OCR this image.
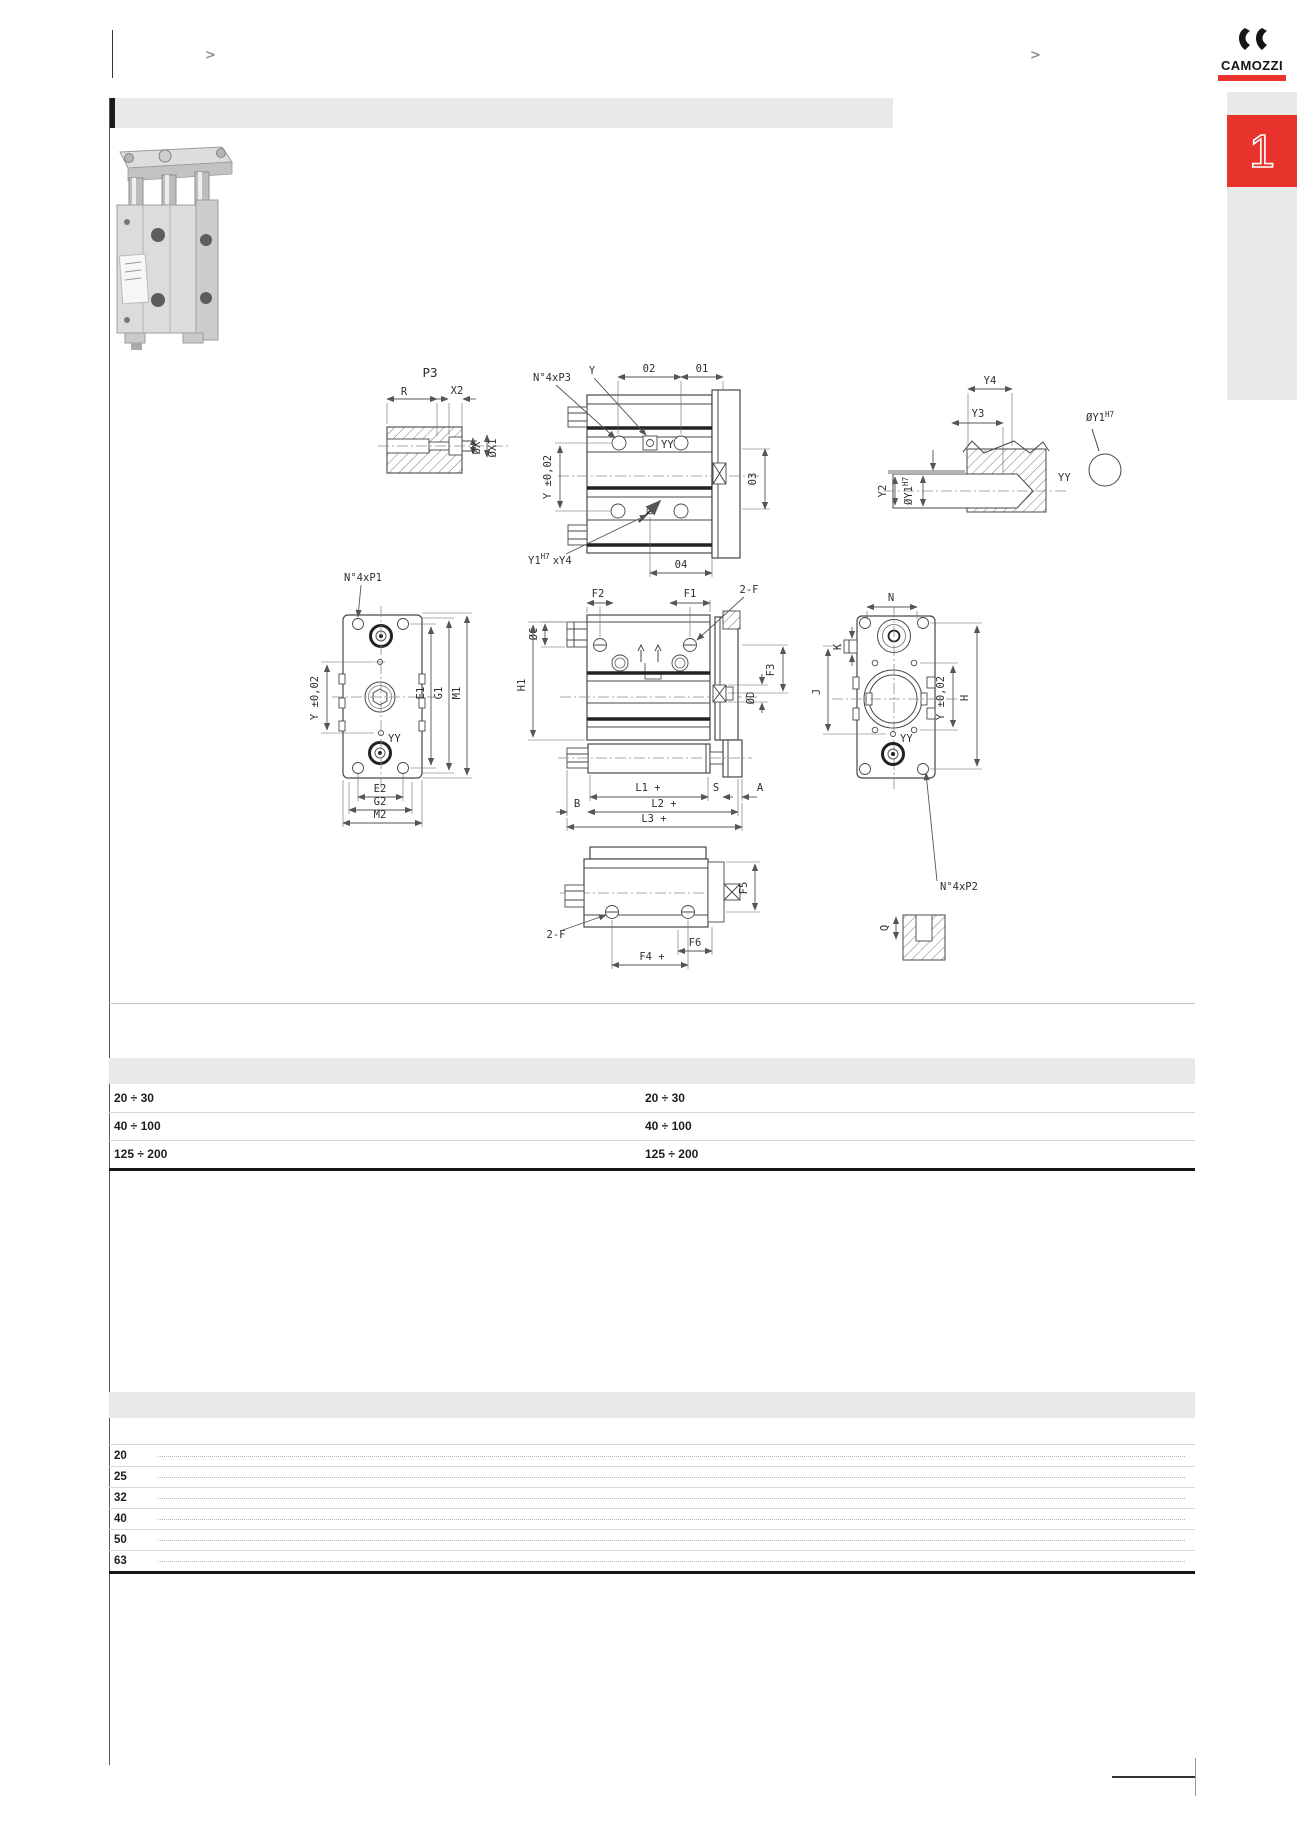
>	>
CAMOZZI
1
P3
R	X2
ØX ØX1
N°4xP3
Y	02	01
YY
Y ±0,02	03
$Y1^{H7}$ xY4	04
Y4
Y3
Y2 $ØY1^{H7}$	YY
$ØY1^{H7}$
YY
N°4xP1
Y ±0,02	E1 G1 M1
E2
G2
M2
2-F
F2	F1
ØC
F3
ØD
H1
L1 +	S	A
B	L2 +
L3 +
N
K
J	Y ±0,02 H
YY
N°4xP2
Q
F5
2-F
F6
F4 +
20 ÷ 30	20 ÷ 30
40 ÷ 100	40 ÷ 100
125 ÷ 200	125 ÷ 200
20
25
32
40
50
63
